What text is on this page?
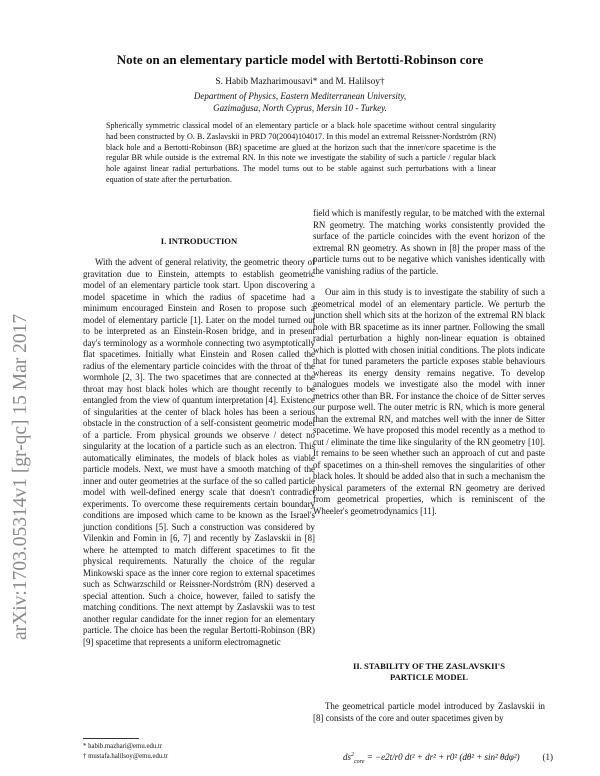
arXiv:1703.05314v1 [gr-qc] 15 Mar 2017
Note on an elementary particle model with Bertotti-Robinson core
S. Habib Mazharimousavi* and M. Halilsoy†
Department of Physics, Eastern Mediterranean University,
Gazimağusa, North Cyprus, Mersin 10 - Turkey.
Spherically symmetric classical model of an elementary particle or a black hole spacetime without central singularity had been constructed by O. B. Zaslavskii in PRD 70(2004)104017. In this model an extremal Reissner-Nordström (RN) black hole and a Bertotti-Robinson (BR) spacetime are glued at the horizon such that the inner/core spacetime is the regular BR while outside is the extremal RN. In this note we investigate the stability of such a particle / regular black hole against linear radial perturbations. The model turns out to be stable against such perturbations with a linear equation of state after the perturbation.
I. INTRODUCTION

With the advent of general relativity, the geometric theory of gravitation due to Einstein, attempts to establish geometric model of an elementary particle took start. Upon discovering a model spacetime in which the radius of spacetime had a minimum encouraged Einstein and Rosen to propose such a model of elementary particle [1]. Later on the model turned out to be interpreted as an Einstein-Rosen bridge, and in present day's terminology as a wormhole connecting two asymptotically flat spacetimes. Initially what Einstein and Rosen called the radius of the elementary particle coincides with the throat of the wormhole [2, 3]. The two spacetimes that are connected at the throat may host black holes which are thought recently to be entangled from the view of quantum interpretation [4]. Existence of singularities at the center of black holes has been a serious obstacle in the construction of a self-consistent geometric model of a particle. From physical grounds we observe / detect no singularity at the location of a particle such as an electron. This automatically eliminates, the models of black holes as viable particle models. Next, we must have a smooth matching of the inner and outer geometries at the surface of the so called particle model with well-defined energy scale that doesn't contradict experiments. To overcome these requirements certain boundary conditions are imposed which came to be known as the Israel's junction conditions [5]. Such a construction was considered by Vilenkin and Fomin in [6, 7] and recently by Zaslavskii in [8] where he attempted to match different spacetimes to fit the physical requirements. Naturally the choice of the regular Minkowski space as the inner core region to external spacetimes such as Schwarzschild or Reissner-Nordström (RN) deserved a special attention. Such a choice, however, failed to satisfy the matching conditions. The next attempt by Zaslavskii was to test another regular candidate for the inner region for an elementary particle. The choice has been the regular Bertotti-Robinson (BR) [9] spacetime that represents a uniform electromagnetic

field which is manifestly regular, to be matched with the external RN geometry. The matching works consistently provided the surface of the particle coincides with the event horizon of the extremal RN geometry. As shown in [8] the proper mass of the particle turns out to be negative which vanishes identically with the vanishing radius of the particle.

Our aim in this study is to investigate the stability of such a geometrical model of an elementary particle. We perturb the junction shell which sits at the horizon of the extremal RN black hole with BR spacetime as its inner partner. Following the small radial perturbation a highly non-linear equation is obtained which is plotted with chosen initial conditions. The plots indicate that for tuned parameters the particle exposes stable behaviours whereas its energy density remains negative. To develop analogues models we investigate also the model with inner metrics other than BR. For instance the choice of de Sitter serves our purpose well. The outer metric is RN, which is more general than the extremal RN, and matches well with the inner de Sitter spacetime. We have proposed this model recently as a method to cut / eliminate the time like singularity of the RN geometry [10]. It remains to be seen whether such an approach of cut and paste of spacetimes on a thin-shell removes the singularities of other black holes. It should be added also that in such a mechanism the physical parameters of the external RN geometry are derived from geometrical properties, which is reminiscent of the Wheeler's geometrodynamics [11].

II. STABILITY OF THE ZASLAVSKII'S
PARTICLE MODEL

The geometrical particle model introduced by Zaslavskii in [8] consists of the core and outer spacetimes given by

$ds^2_{core} = -e2t/r0$ dt² + dr² + r0² (dθ² + sin² θdφ²)	(1)
* habib.mazhari@emu.edu.tr
† mustafa.halilsoy@emu.edu.tr
